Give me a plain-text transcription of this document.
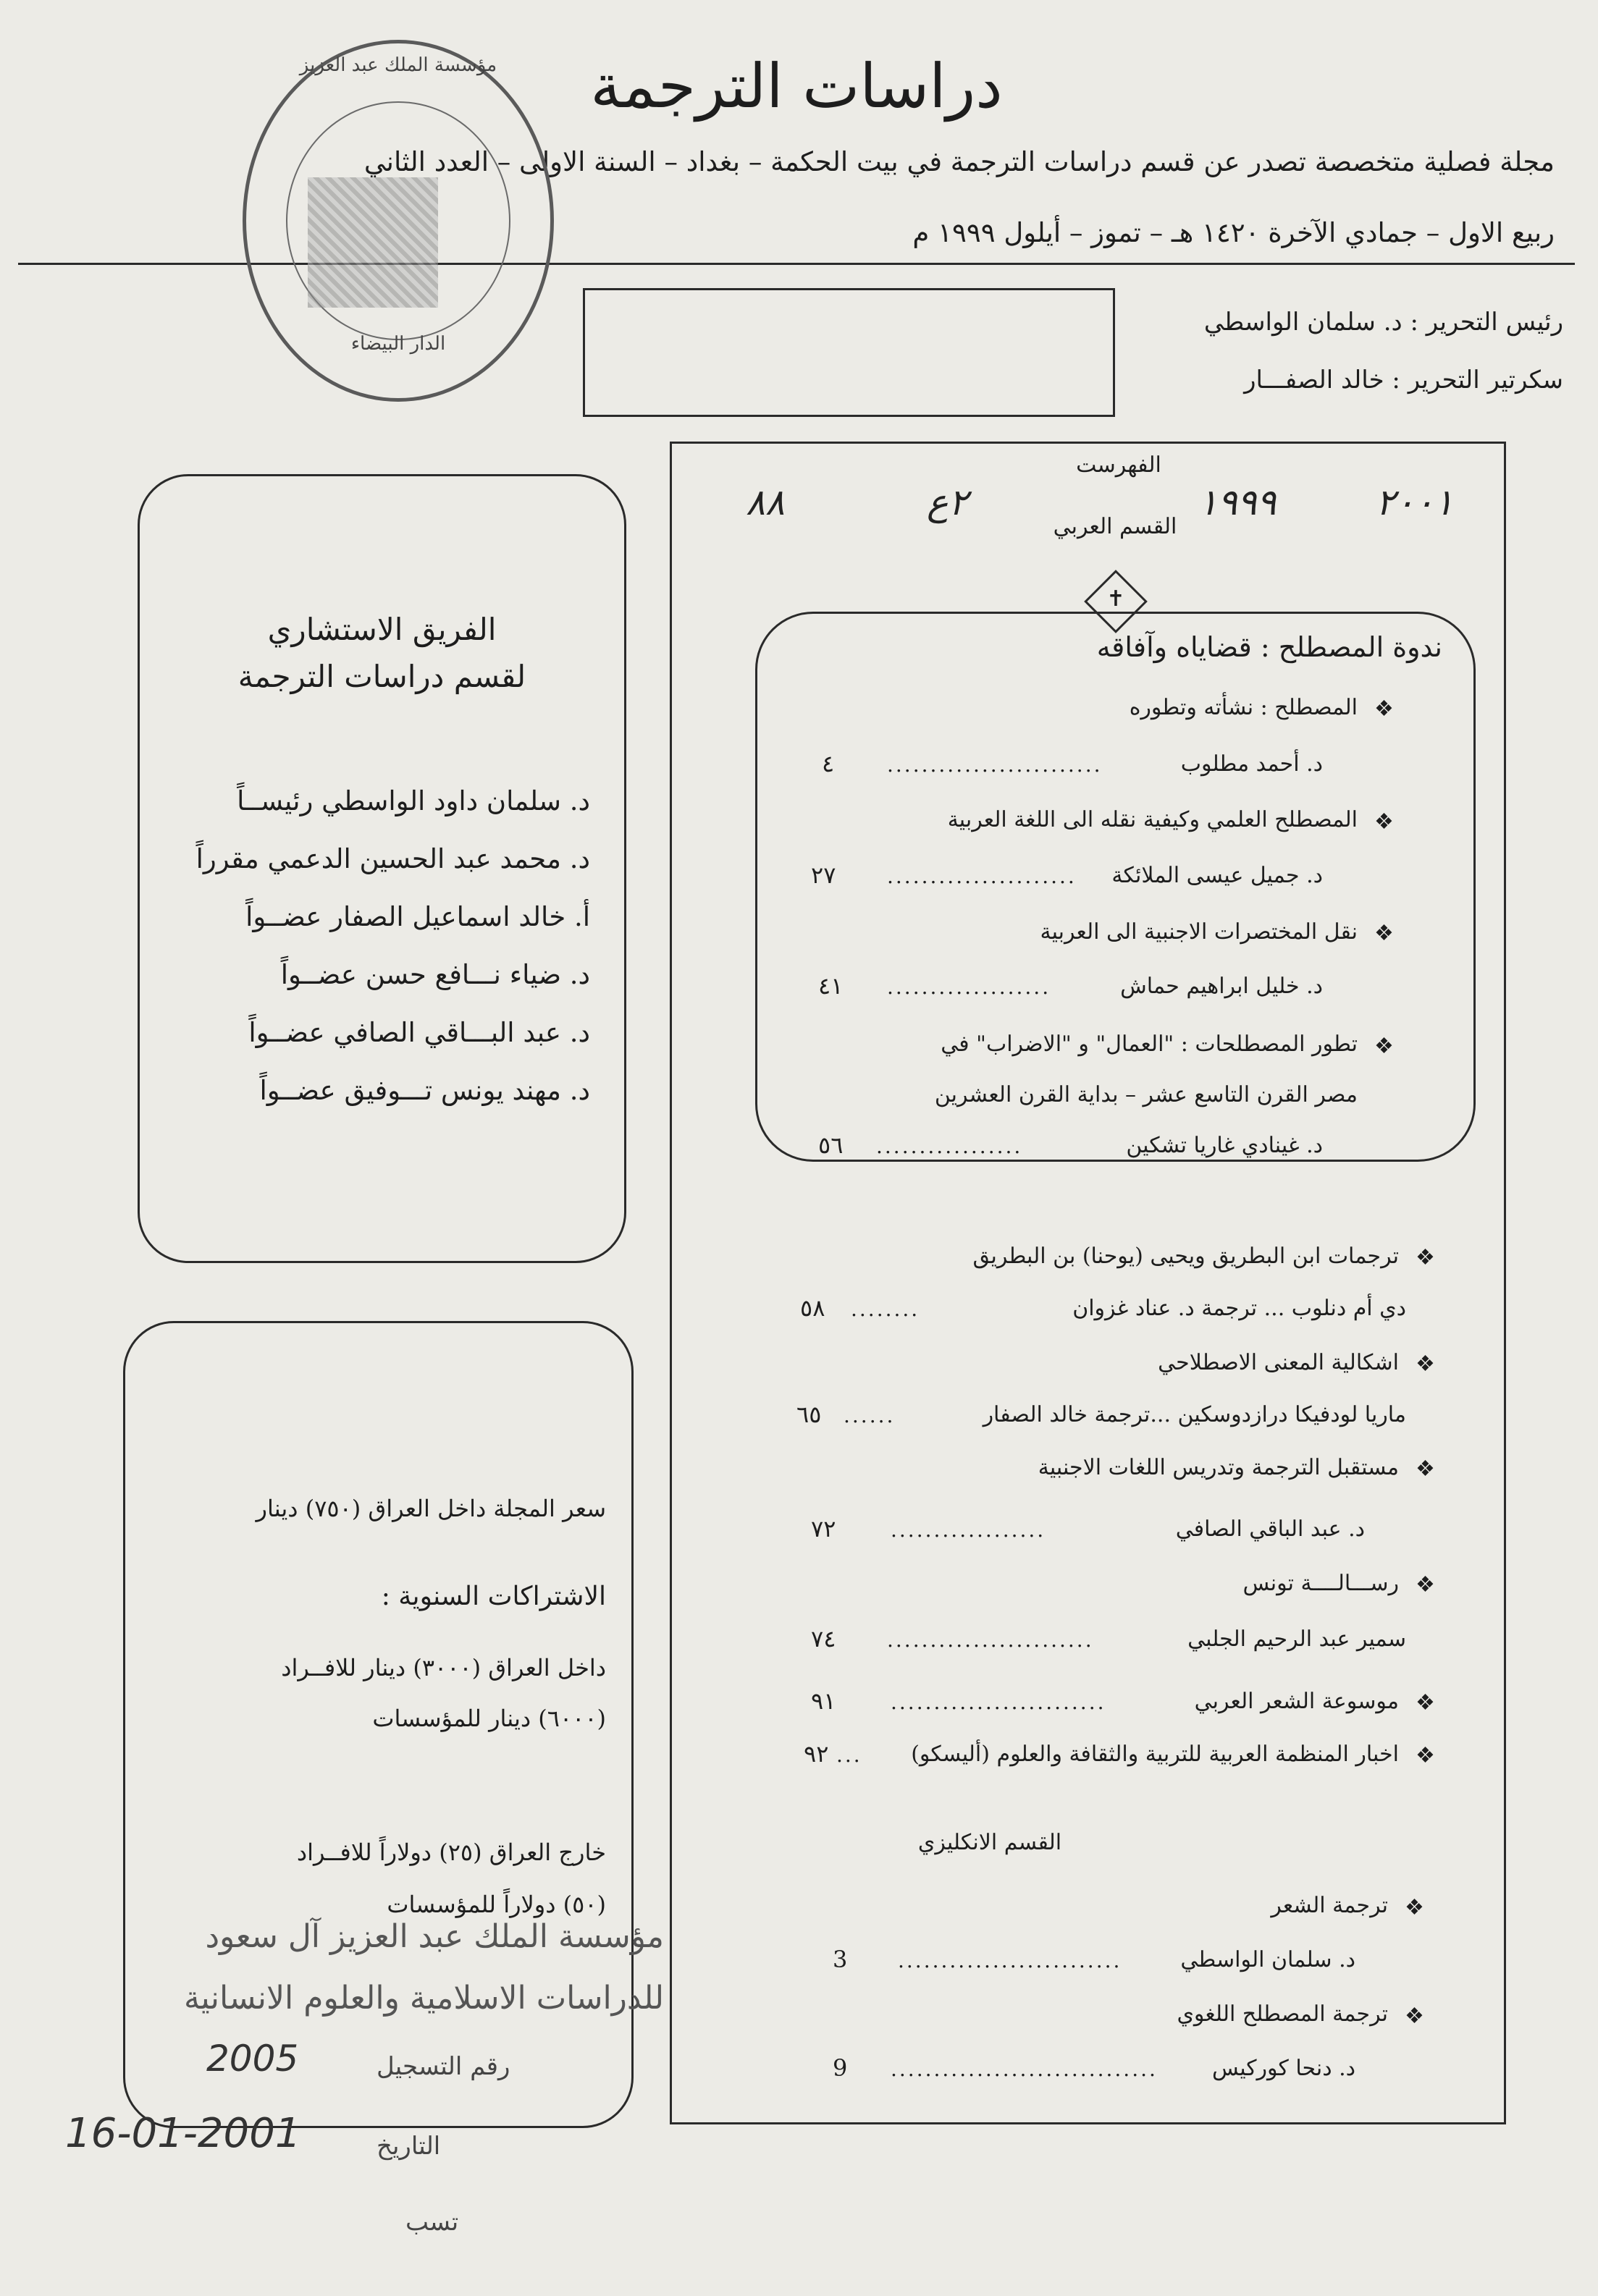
دراسات الترجمة
مجلة فصلية متخصصة تصدر عن قسم دراسات الترجمة في بيت الحكمة – بغداد – السنة الاولى – العدد الثاني
ربيع الاول – جمادي الآخرة ١٤٢٠ هـ – تموز – أيلول ١٩٩٩ م
مؤسسة الملك عبد العزيز
الدار البيضاء
رئيس التحرير : د. سلمان الواسطي
سكرتير التحرير : خالد الصفـــار
الفهرست
٢٠٠١
١٩٩٩
٢ع
٨٨
القسم العربي
✝
ندوة المصطلح : قضاياه وآفاقه
❖
المصطلح : نشأته وتطوره
د. أحمد مطلوب
.........................
٤
❖
المصطلح العلمي وكيفية نقله الى اللغة العربية
د. جميل عيسى الملائكة
......................
٢٧
❖
نقل المختصرات الاجنبية الى العربية
د. خليل ابراهيم حماش
...................
٤١
❖
تطور المصطلحات : "العمال" و "الاضراب" في
مصر القرن التاسع عشر – بداية القرن العشرين
د. غينادي غاريا تشكين
.................
٥٦
❖
ترجمات ابن البطريق ويحيى (يوحنا) بن البطريق
دي أم دنلوب ... ترجمة د. عناد غزوان
........
٥٨
❖
اشكالية المعنى الاصطلاحي
ماريا لودفيكا درازدوسكين ...ترجمة خالد الصفار
......
٦٥
❖
مستقبل الترجمة وتدريس اللغات الاجنبية
د. عبد الباقي الصافي
..................
٧٢
❖
رســـالــــة تونس
سمير عبد الرحيم الجلبي
........................
٧٤
❖
موسوعة الشعر العربي
.........................
٩١
❖
اخبار المنظمة العربية للتربية والثقافة والعلوم (أليسكو)
...
٩٢
القسم الانكليزي
❖
ترجمة الشعر
د. سلمان الواسطي
..........................
3
❖
ترجمة المصطلح اللغوي
د. دنحا كوركيس
...............................
9
الفريق الاستشاري
لقسم دراسات الترجمة
د. سلمان داود الواسطي رئيســاً
د. محمد عبد الحسين الدعمي مقرراً
أ. خالد اسماعيل الصفار عضــواً
د. ضياء نـــافع حسن عضــواً
د. عبد البـــاقي الصافي عضــواً
د. مهند يونس تـــوفيق عضــواً
سعر المجلة داخل العراق (٧٥٠) دينار
الاشتراكات السنوية :
داخل العراق (٣٠٠٠) دينار للافــراد
(٦٠٠٠) دينار للمؤسسات
خارج العراق (٢٥) دولاراً للافــراد
(٥٠) دولاراً للمؤسسات
مؤسسة الملك عبد العزيز آل سعود
للدراسات الاسلامية والعلوم الانسانية
رقم التسجيل
2005
التاريخ
16-01-2001
تسب
